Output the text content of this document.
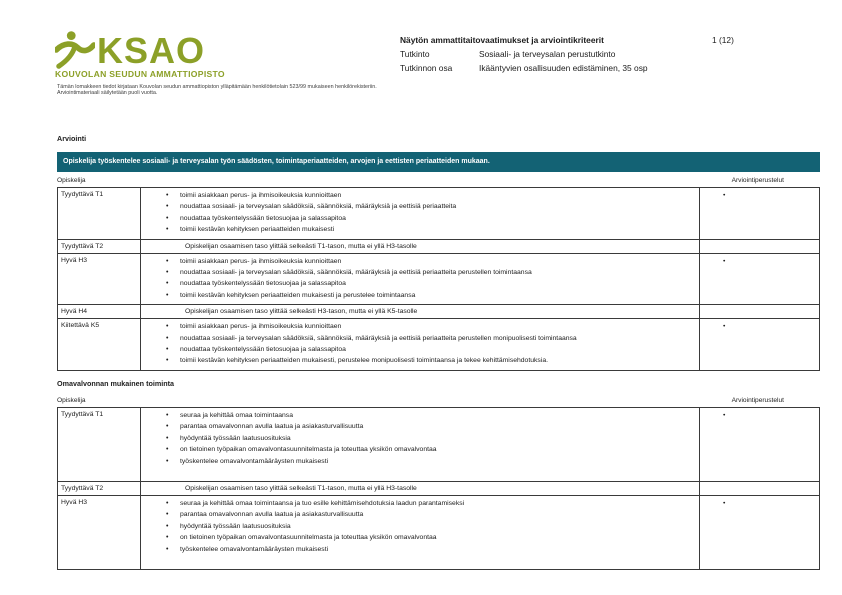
KSAO
KOUVOLAN SEUDUN AMMATTIOPISTO
Tämän lomakkeen tiedot kirjataan Kouvolan seudun ammattiopiston ylläpitämään henkilötietolain 523/99 mukaiseen henkilörekisteriin. Arviointimateriaali säilytetään puoli vuotta.
Näytön ammattitaitovaatimukset ja arviointikriteerit	1 (12)
Tutkinto	Sosiaali- ja terveysalan perustutkinto
Tutkinnon osa	Ikääntyvien osallisuuden edistäminen, 35 osp
Arviointi
Opiskelija työskentelee sosiaali- ja terveysalan työn säädösten, toimintaperiaatteiden, arvojen ja eettisten periaatteiden mukaan.
Opiskelija	Arviointiperustelut
Tyydyttävä T1	•	toimii asiakkaan perus- ja ihmisoikeuksia kunnioittaen
•	noudattaa sosiaali- ja terveysalan säädöksiä, säännöksiä, määräyksiä ja eettisiä periaatteita
•	noudattaa työskentelyssään tietosuojaa ja salassapitoa
•	toimii kestävän kehityksen periaatteiden mukaisesti
	•
Tyydyttävä T2	Opiskelijan osaamisen taso ylittää selkeästi T1-tason, mutta ei yllä H3-tasolle	
Hyvä H3	•	toimii asiakkaan perus- ja ihmisoikeuksia kunnioittaen
•	noudattaa sosiaali- ja terveysalan säädöksiä, säännöksiä, määräyksiä ja eettisiä periaatteita perustellen toimintaansa
•	noudattaa työskentelyssään tietosuojaa ja salassapitoa
•	toimii kestävän kehityksen periaatteiden mukaisesti ja perustelee toimintaansa
	•
Hyvä H4	Opiskelijan osaamisen taso ylittää selkeästi H3-tason, mutta ei yllä K5-tasolle	
Kiitettävä K5	•	toimii asiakkaan perus- ja ihmisoikeuksia kunnioittaen
•	noudattaa sosiaali- ja terveysalan säädöksiä, säännöksiä, määräyksiä ja eettisiä periaatteita perustellen monipuolisesti toimintaansa
•	noudattaa työskentelyssään tietosuojaa ja salassapitoa
•	toimii kestävän kehityksen periaatteiden mukaisesti, perustelee monipuolisesti toimintaansa ja tekee kehittämisehdotuksia.
	•
Omavalvonnan mukainen toiminta
Opiskelija	Arviointiperustelut
Tyydyttävä T1	•	seuraa ja kehittää omaa toimintaansa
•	parantaa omavalvonnan avulla laatua ja asiakasturvallisuutta
•	hyödyntää työssään laatusuosituksia
•	on tietoinen työpaikan omavalvontasuunnitelmasta ja toteuttaa yksikön omavalvontaa
•	työskentelee omavalvontamääräysten mukaisesti
	•
Tyydyttävä T2	Opiskelijan osaamisen taso ylittää selkeästi T1-tason, mutta ei yllä H3-tasolle	
Hyvä H3	•	seuraa ja kehittää omaa toimintaansa ja tuo esille kehittämisehdotuksia laadun parantamiseksi
•	parantaa omavalvonnan avulla laatua ja asiakasturvallisuutta
•	hyödyntää työssään laatusuosituksia
•	on tietoinen työpaikan omavalvontasuunnitelmasta ja toteuttaa yksikön omavalvontaa
•	työskentelee omavalvontamääräysten mukaisesti
	•
